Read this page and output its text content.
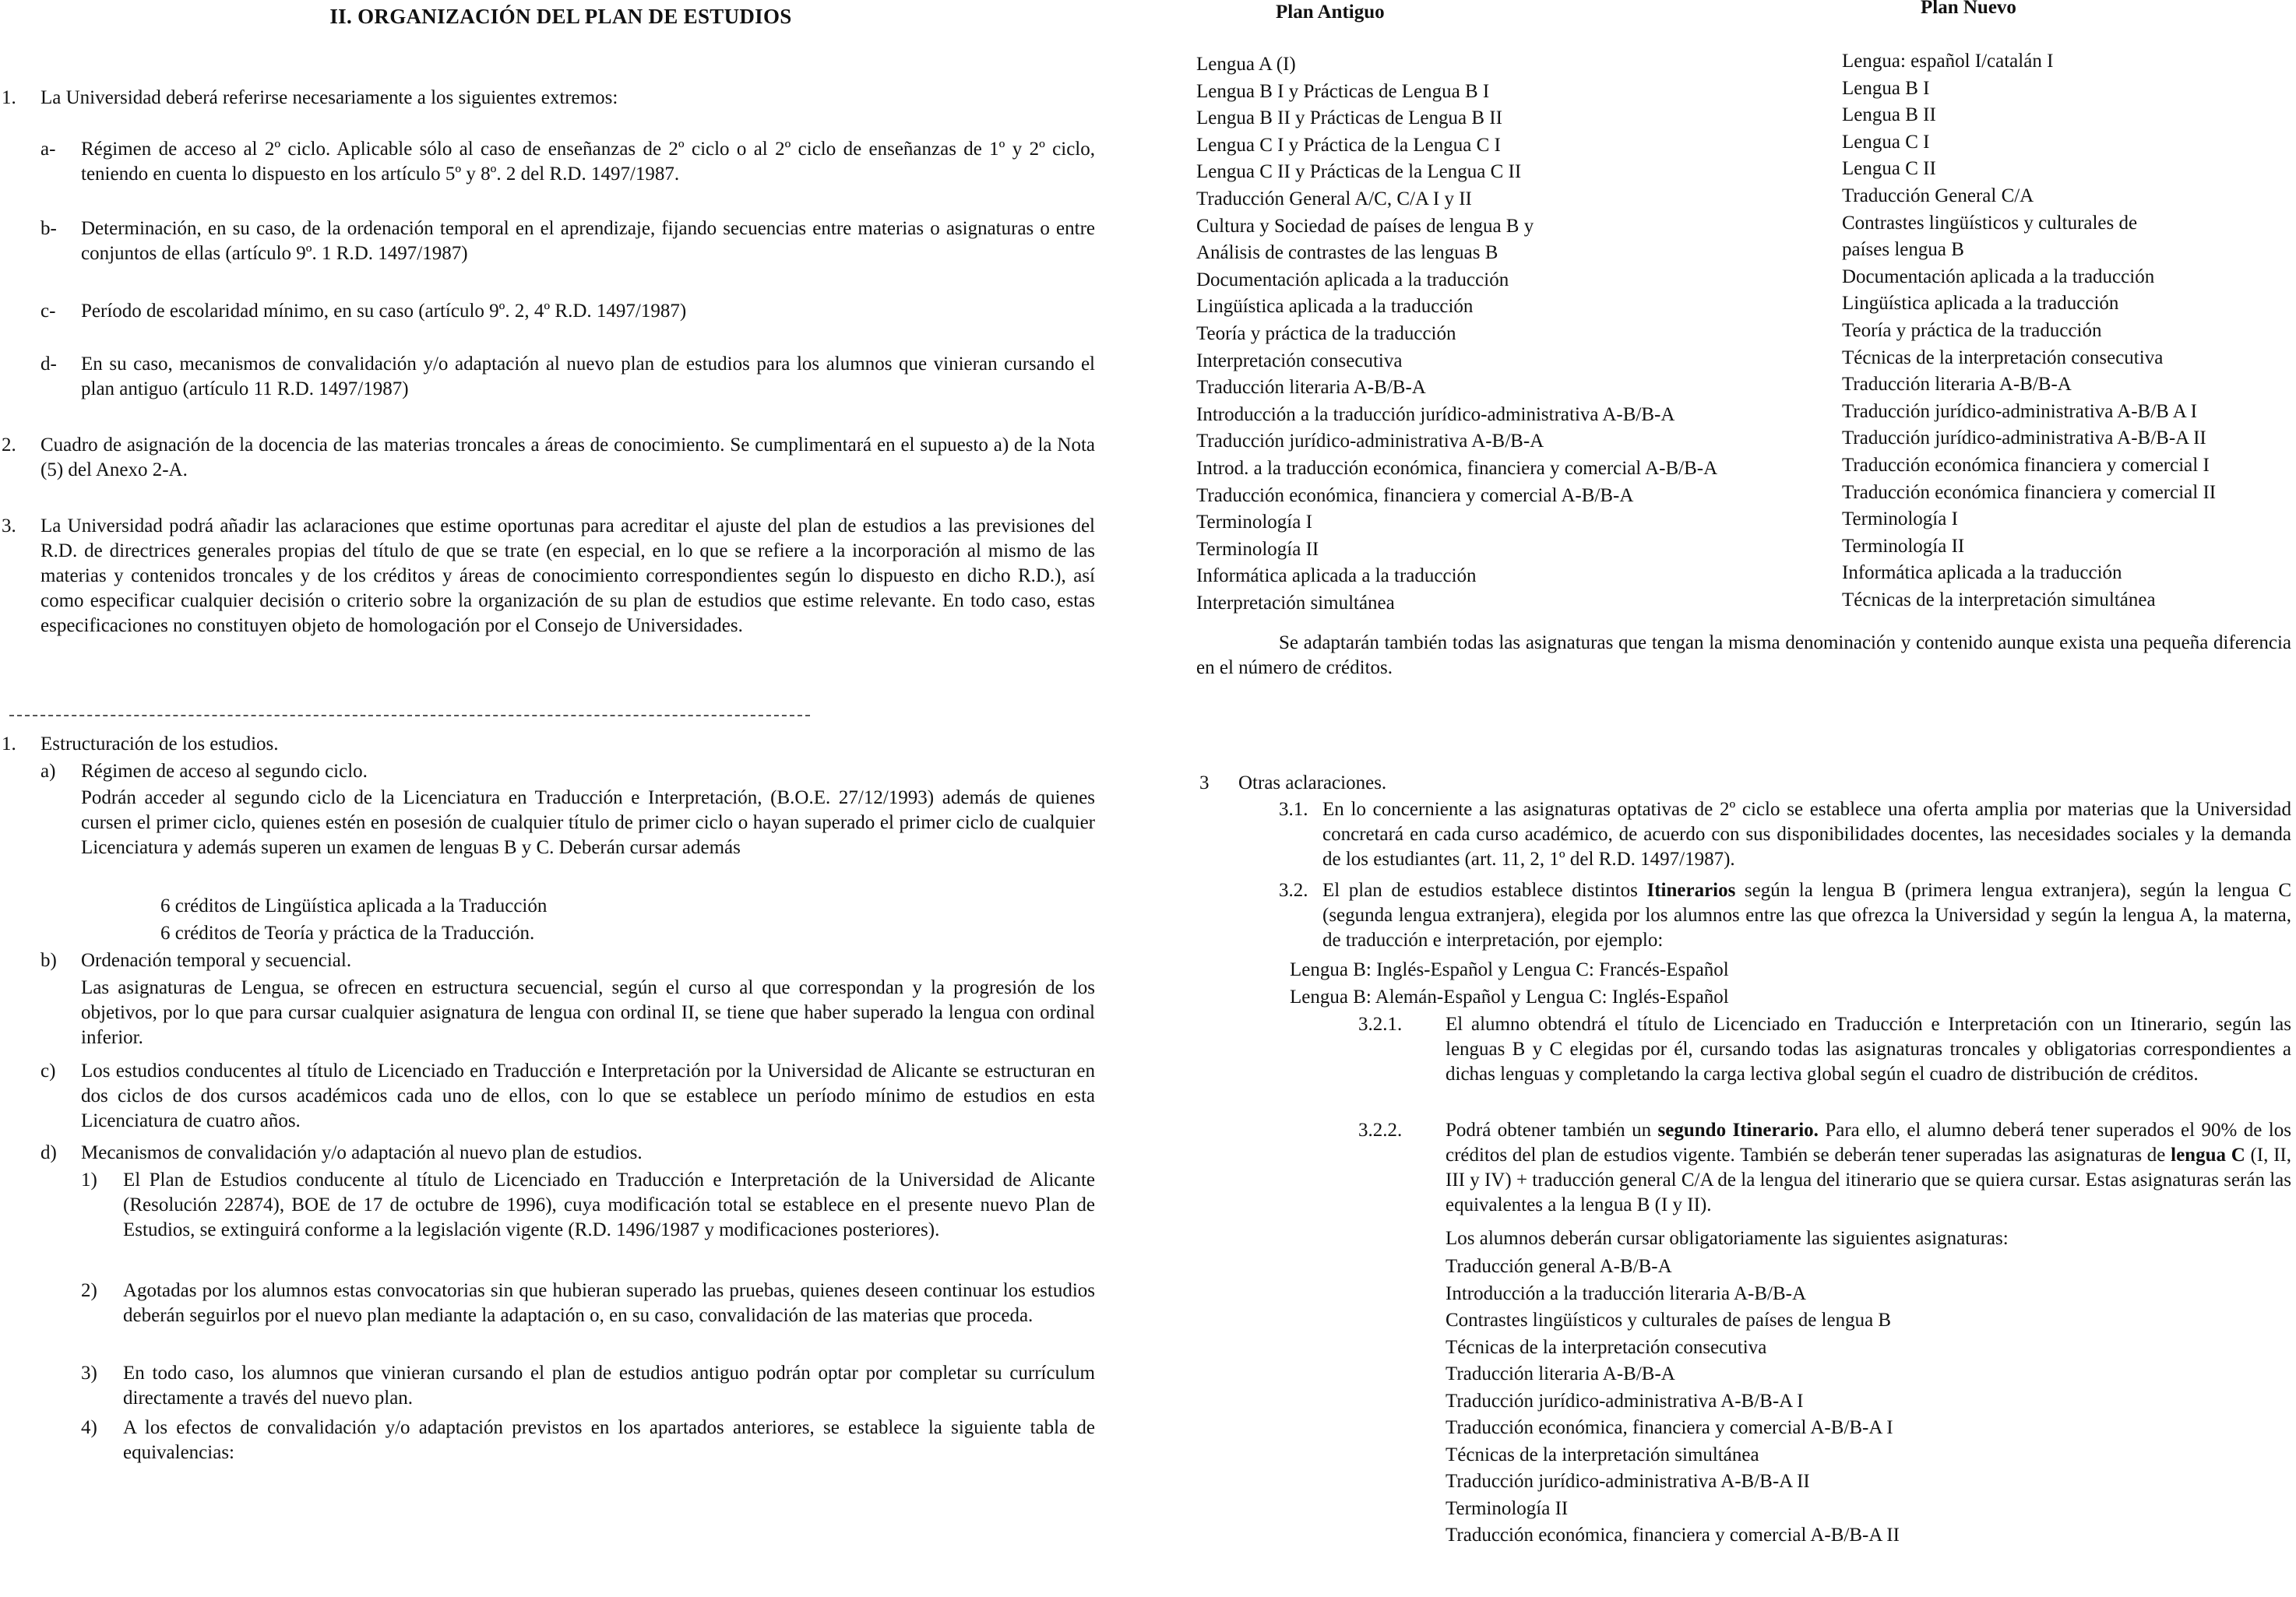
II. ORGANIZACIÓN DEL PLAN DE ESTUDIOS
1. La Universidad deberá referirse necesariamente a los siguientes extremos:
a- Régimen de acceso al 2º ciclo. Aplicable sólo al caso de enseñanzas de 2º ciclo o al 2º ciclo de enseñanzas de 1º y 2º ciclo, teniendo en cuenta lo dispuesto en los artículo 5º y 8º. 2 del R.D. 1497/1987.
b- Determinación, en su caso, de la ordenación temporal en el aprendizaje, fijando secuencias entre materias o asignaturas o entre conjuntos de ellas (artículo 9º. 1 R.D. 1497/1987)
c- Período de escolaridad mínimo, en su caso (artículo 9º. 2, 4º R.D. 1497/1987)
d- En su caso, mecanismos de convalidación y/o adaptación al nuevo plan de estudios para los alumnos que vinieran cursando el plan antiguo (artículo 11 R.D. 1497/1987)
2. Cuadro de asignación de la docencia de las materias troncales a áreas de conocimiento. Se cumplimentará en el supuesto a) de la Nota (5) del Anexo 2-A.
3. La Universidad podrá añadir las aclaraciones que estime oportunas para acreditar el ajuste del plan de estudios a las previsiones del R.D. de directrices generales propias del título de que se trate (en especial, en lo que se refiere a la incorporación al mismo de las materias y contenidos troncales y de los créditos y áreas de conocimiento correspondientes según lo dispuesto en dicho R.D.), así como especificar cualquier decisión o criterio sobre la organización de su plan de estudios que estime relevante. En todo caso, estas especificaciones no constituyen objeto de homologación por el Consejo de Universidades.
1. Estructuración de los estudios.
a) Régimen de acceso al segundo ciclo.
Podrán acceder al segundo ciclo de la Licenciatura en Traducción e Interpretación, (B.O.E. 27/12/1993) además de quienes cursen el primer ciclo, quienes estén en posesión de cualquier título de primer ciclo o hayan superado el primer ciclo de cualquier Licenciatura y además superen un examen de lenguas B y C. Deberán cursar además
6 créditos de Lingüística aplicada a la Traducción
6 créditos de Teoría y práctica de la Traducción.
b) Ordenación temporal y secuencial.
Las asignaturas de Lengua, se ofrecen en estructura secuencial, según el curso al que correspondan y la progresión de los objetivos, por lo que para cursar cualquier asignatura de lengua con ordinal II, se tiene que haber superado la lengua con ordinal inferior.
c) Los estudios conducentes al título de Licenciado en Traducción e Interpretación por la Universidad de Alicante se estructuran en dos ciclos de dos cursos académicos cada uno de ellos, con lo que se establece un período mínimo de estudios en esta Licenciatura de cuatro años.
d) Mecanismos de convalidación y/o adaptación al nuevo plan de estudios.
1) El Plan de Estudios conducente al título de Licenciado en Traducción e Interpretación de la Universidad de Alicante (Resolución 22874), BOE de 17 de octubre de 1996), cuya modificación total se establece en el presente nuevo Plan de Estudios, se extinguirá conforme a la legislación vigente (R.D. 1496/1987 y modificaciones posteriores).
2) Agotadas por los alumnos estas convocatorias sin que hubieran superado las pruebas, quienes deseen continuar los estudios deberán seguirlos por el nuevo plan mediante la adaptación o, en su caso, convalidación de las materias que proceda.
3) En todo caso, los alumnos que vinieran cursando el plan de estudios antiguo podrán optar por completar su currículum directamente a través del nuevo plan.
4) A los efectos de convalidación y/o adaptación previstos en los apartados anteriores, se establece la siguiente tabla de equivalencias:
Plan Antiguo	Plan Nuevo
Lengua A (I)
Lengua B I y Prácticas de Lengua B I
Lengua B II y Prácticas de Lengua B II
Lengua C I y Práctica de la Lengua C I
Lengua C II y Prácticas de la Lengua C II
Traducción General A/C, C/A I y II
Cultura y Sociedad de países de lengua B y
Análisis de contrastes de las lenguas B
Documentación aplicada a la traducción
Lingüística aplicada a la traducción
Teoría y práctica de la traducción
Interpretación consecutiva
Traducción literaria A-B/B-A
Introducción a la traducción jurídico-administrativa A-B/B-A
Traducción jurídico-administrativa A-B/B-A
Introd. a la traducción económica, financiera y comercial A-B/B-A
Traducción económica, financiera y comercial A-B/B-A
Terminología I
Terminología II
Informática aplicada a la traducción
Interpretación simultánea
Lengua: español I/catalán I
Lengua B I
Lengua B II
Lengua C I
Lengua C II
Traducción General C/A
Contrastes lingüísticos y culturales de
países lengua B
Documentación aplicada a la traducción
Lingüística aplicada a la traducción
Teoría y práctica de la traducción
Técnicas de la interpretación consecutiva
Traducción literaria A-B/B-A
Traducción jurídico-administrativa A-B/B A I
Traducción jurídico-administrativa A-B/B-A II
Traducción económica financiera y comercial I
Traducción económica financiera y comercial II
Terminología I
Terminología II
Informática aplicada a la traducción
Técnicas de la interpretación simultánea
Se adaptarán también todas las asignaturas que tengan la misma denominación y contenido aunque exista una pequeña diferencia en el número de créditos.
3 Otras aclaraciones.
3.1. En lo concerniente a las asignaturas optativas de 2º ciclo se establece una oferta amplia por materias que la Universidad concretará en cada curso académico, de acuerdo con sus disponibilidades docentes, las necesidades sociales y la demanda de los estudiantes (art. 11, 2, 1º del R.D. 1497/1987).
3.2. El plan de estudios establece distintos Itinerarios según la lengua B (primera lengua extranjera), según la lengua C (segunda lengua extranjera), elegida por los alumnos entre las que ofrezca la Universidad y según la lengua A, la materna, de traducción e interpretación, por ejemplo:
Lengua B: Inglés-Español y Lengua C: Francés-Español
Lengua B: Alemán-Español y Lengua C: Inglés-Español
3.2.1. El alumno obtendrá el título de Licenciado en Traducción e Interpretación con un Itinerario, según las lenguas B y C elegidas por él, cursando todas las asignaturas troncales y obligatorias correspondientes a dichas lenguas y completando la carga lectiva global según el cuadro de distribución de créditos.
3.2.2. Podrá obtener también un segundo Itinerario. Para ello, el alumno deberá tener superados el 90% de los créditos del plan de estudios vigente. También se deberán tener superadas las asignaturas de lengua C (I, II, III y IV) + traducción general C/A de la lengua del itinerario que se quiera cursar. Estas asignaturas serán las equivalentes a la lengua B (I y II).
Los alumnos deberán cursar obligatoriamente las siguientes asignaturas:
Traducción general A-B/B-A
Introducción a la traducción literaria A-B/B-A
Contrastes lingüísticos y culturales de países de lengua B
Técnicas de la interpretación consecutiva
Traducción literaria A-B/B-A
Traducción jurídico-administrativa A-B/B-A I
Traducción económica, financiera y comercial A-B/B-A I
Técnicas de la interpretación simultánea
Traducción jurídico-administrativa A-B/B-A II
Terminología II
Traducción económica, financiera y comercial A-B/B-A II
